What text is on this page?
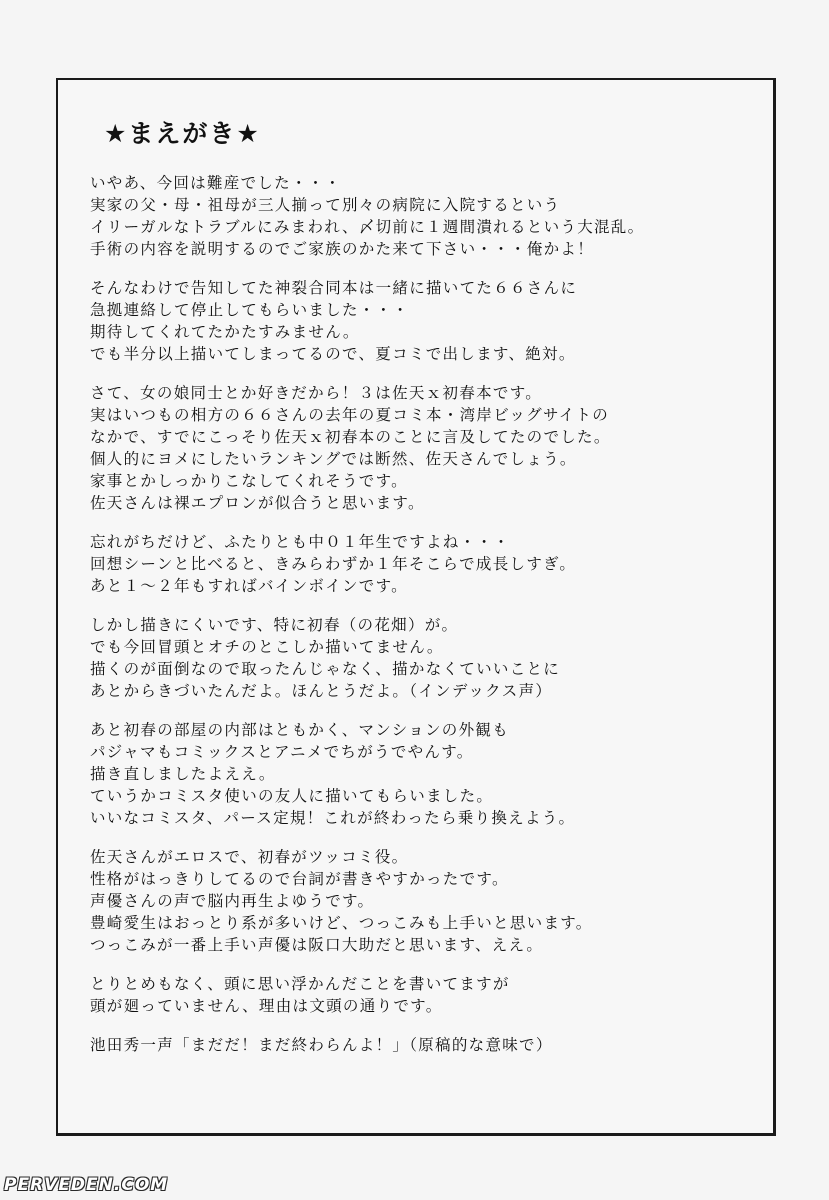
★まえがき★
いやあ、今回は難産でした・・・
実家の父・母・祖母が三人揃って別々の病院に入院するという
イリーガルなトラブルにみまわれ、〆切前に１週間潰れるという大混乱。
手術の内容を説明するのでご家族のかた来て下さい・・・俺かよ！
そんなわけで告知してた神裂合同本は一緒に描いてた６６さんに
急拠連絡して停止してもらいました・・・
期待してくれてたかたすみません。
でも半分以上描いてしまってるので、夏コミで出します、絶対。
さて、女の娘同士とか好きだから！３は佐天ｘ初春本です。
実はいつもの相方の６６さんの去年の夏コミ本・湾岸ビッグサイトの
なかで、すでにこっそり佐天ｘ初春本のことに言及してたのでした。
個人的にヨメにしたいランキングでは断然、佐天さんでしょう。
家事とかしっかりこなしてくれそうです。
佐天さんは裸エプロンが似合うと思います。
忘れがちだけど、ふたりとも中０１年生ですよね・・・
回想シーンと比べると、きみらわずか１年そこらで成長しすぎ。
あと１～２年もすればバインボインです。
しかし描きにくいです、特に初春（の花畑）が。
でも今回冒頭とオチのとこしか描いてません。
描くのが面倒なので取ったんじゃなく、描かなくていいことに
あとからきづいたんだよ。ほんとうだよ。（インデックス声）
あと初春の部屋の内部はともかく、マンションの外観も
パジャマもコミックスとアニメでちがうでやんす。
描き直しましたよええ。
ていうかコミスタ使いの友人に描いてもらいました。
いいなコミスタ、パース定規！これが終わったら乗り換えよう。
佐天さんがエロスで、初春がツッコミ役。
性格がはっきりしてるので台詞が書きやすかったです。
声優さんの声で脳内再生よゆうです。
豊崎愛生はおっとり系が多いけど、つっこみも上手いと思います。
つっこみが一番上手い声優は阪口大助だと思います、ええ。
とりとめもなく、頭に思い浮かんだことを書いてますが
頭が廻っていません、理由は文頭の通りです。
池田秀一声「まだだ！まだ終わらんよ！」（原稿的な意味で）
PERVEDEN.COM
